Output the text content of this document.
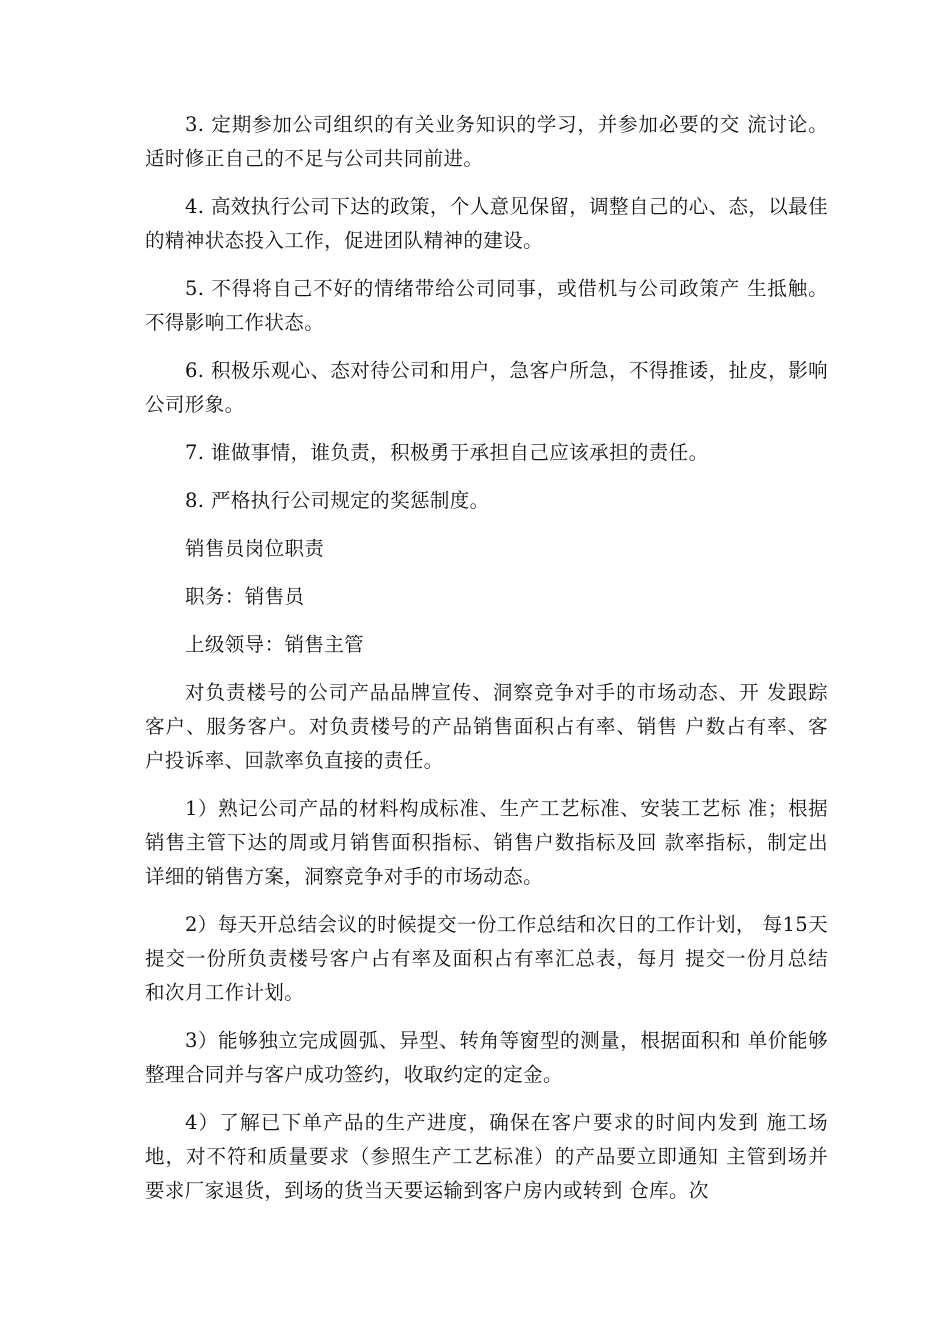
3. 定期参加公司组织的有关业务知识的学习，并参加必要的交 流讨论。适时修正自己的不足与公司共同前进。

4. 高效执行公司下达的政策，个人意见保留，调整自己的心、态，以最佳的精神状态投入工作，促进团队精神的建设。

5. 不得将自己不好的情绪带给公司同事，或借机与公司政策产 生抵触。不得影响工作状态。

6. 积极乐观心、态对待公司和用户，急客户所急，不得推诿，扯皮，影响公司形象。

7. 谁做事情，谁负责，积极勇于承担自己应该承担的责任。

8. 严格执行公司规定的奖惩制度。

销售员岗位职责

职务：销售员

上级领导：销售主管

对负责楼号的公司产品品牌宣传、洞察竞争对手的市场动态、开 发跟踪客户、服务客户。对负责楼号的产品销售面积占有率、销售 户数占有率、客户投诉率、回款率负直接的责任。

1）熟记公司产品的材料构成标准、生产工艺标准、安装工艺标 准；根据销售主管下达的周或月销售面积指标、销售户数指标及回 款率指标，制定出详细的销售方案，洞察竞争对手的市场动态。

2）每天开总结会议的时候提交一份工作总结和次日的工作计划， 每15天提交一份所负责楼号客户占有率及面积占有率汇总表，每月 提交一份月总结和次月工作计划。

3）能够独立完成圆弧、异型、转角等窗型的测量，根据面积和 单价能够整理合同并与客户成功签约，收取约定的定金。

4）了解已下单产品的生产进度，确保在客户要求的时间内发到 施工场地，对不符和质量要求（参照生产工艺标准）的产品要立即通知 主管到场并要求厂家退货，到场的货当天要运输到客户房内或转到 仓库。次
